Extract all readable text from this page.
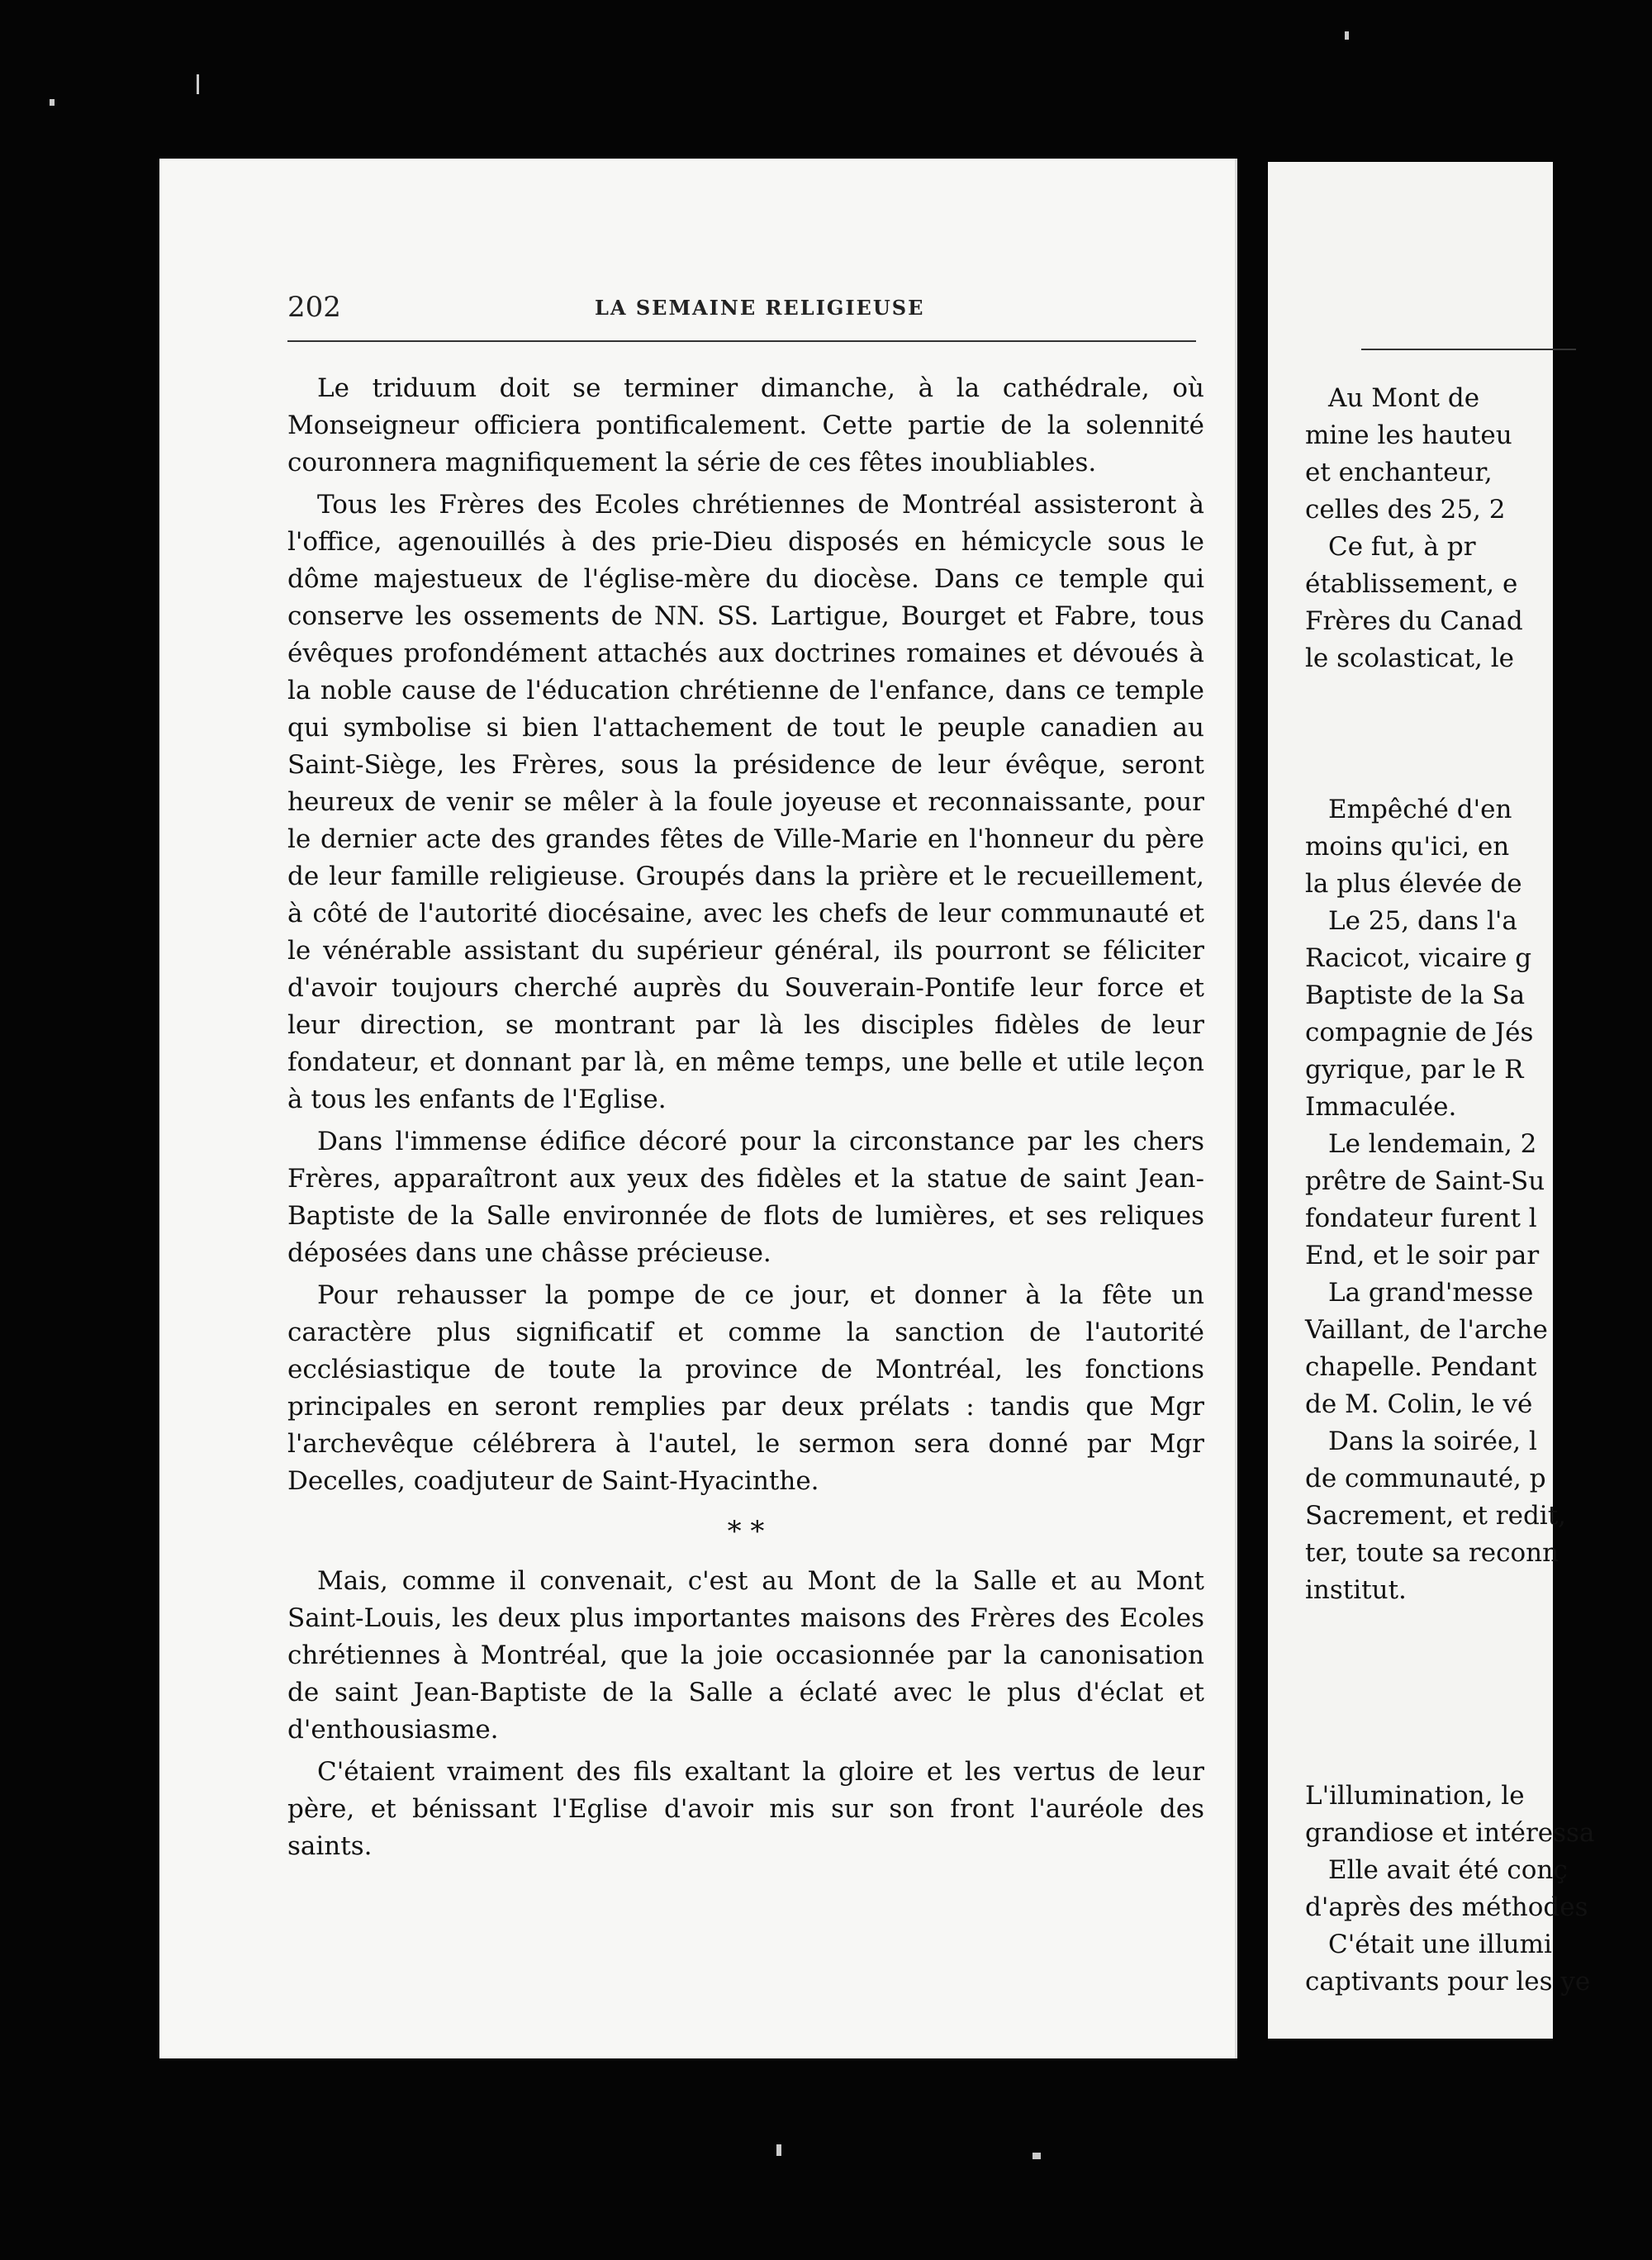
202	LA SEMAINE RELIGIEUSE

Le triduum doit se terminer dimanche, à la cathédrale, où Monseigneur officiera pontificalement. Cette partie de la solennité couronnera magnifiquement la série de ces fêtes inoubliables.

Tous les Frères des Ecoles chrétiennes de Montréal assisteront à l'office, agenouillés à des prie-Dieu disposés en hémicycle sous le dôme majestueux de l'église-mère du diocèse. Dans ce temple qui conserve les ossements de NN. SS. Lartigue, Bourget et Fabre, tous évêques profondément attachés aux doctrines romaines et dévoués à la noble cause de l'éducation chrétienne de l'enfance, dans ce temple qui symbolise si bien l'attachement de tout le peuple canadien au Saint-Siège, les Frères, sous la présidence de leur évêque, seront heureux de venir se mêler à la foule joyeuse et reconnaissante, pour le dernier acte des grandes fêtes de Ville-Marie en l'honneur du père de leur famille religieuse. Groupés dans la prière et le recueillement, à côté de l'autorité diocésaine, avec les chefs de leur communauté et le vénérable assistant du supérieur général, ils pourront se féliciter d'avoir toujours cherché auprès du Souverain-Pontife leur force et leur direction, se montrant par là les disciples fidèles de leur fondateur, et donnant par là, en même temps, une belle et utile leçon à tous les enfants de l'Eglise.

Dans l'immense édifice décoré pour la circonstance par les chers Frères, apparaîtront aux yeux des fidèles et la statue de saint Jean-Baptiste de la Salle environnée de flots de lumières, et ses reliques déposées dans une châsse précieuse.

Pour rehausser la pompe de ce jour, et donner à la fête un caractère plus significatif et comme la sanction de l'autorité ecclésiastique de toute la province de Montréal, les fonctions principales en seront remplies par deux prélats : tandis que Mgr l'archevêque célébrera à l'autel, le sermon sera donné par Mgr Decelles, coadjuteur de Saint-Hyacinthe.

* *

Mais, comme il convenait, c'est au Mont de la Salle et au Mont Saint-Louis, les deux plus importantes maisons des Frères des Ecoles chrétiennes à Montréal, que la joie occasionnée par la canonisation de saint Jean-Baptiste de la Salle a éclaté avec le plus d'éclat et d'enthousiasme.

C'étaient vraiment des fils exaltant la gloire et les vertus de leur père, et bénissant l'Eglise d'avoir mis sur son front l'auréole des saints.

Au Mont de
mine les hauteu
et enchanteur,
celles des 25, 2
Ce fut, à pr
établissement, e
Frères du Canad
le scolasticat, le
Empêché d'en
moins qu'ici, en
la plus élevée de
Le 25, dans l'a
Racicot, vicaire g
Baptiste de la Sa
compagnie de Jés
gyrique, par le R
Immaculée.
Le lendemain, 2
prêtre de Saint-Su
fondateur furent l
End, et le soir par
La grand'messe
Vaillant, de l'arche
chapelle. Pendant
de M. Colin, le vé
Dans la soirée, l
de communauté, p
Sacrement, et redit,
ter, toute sa reconn
institut.
L'illumination, le
grandiose et intéressa
Elle avait été conç
d'après des méthodes
C'était une illumi
captivants pour les ye
